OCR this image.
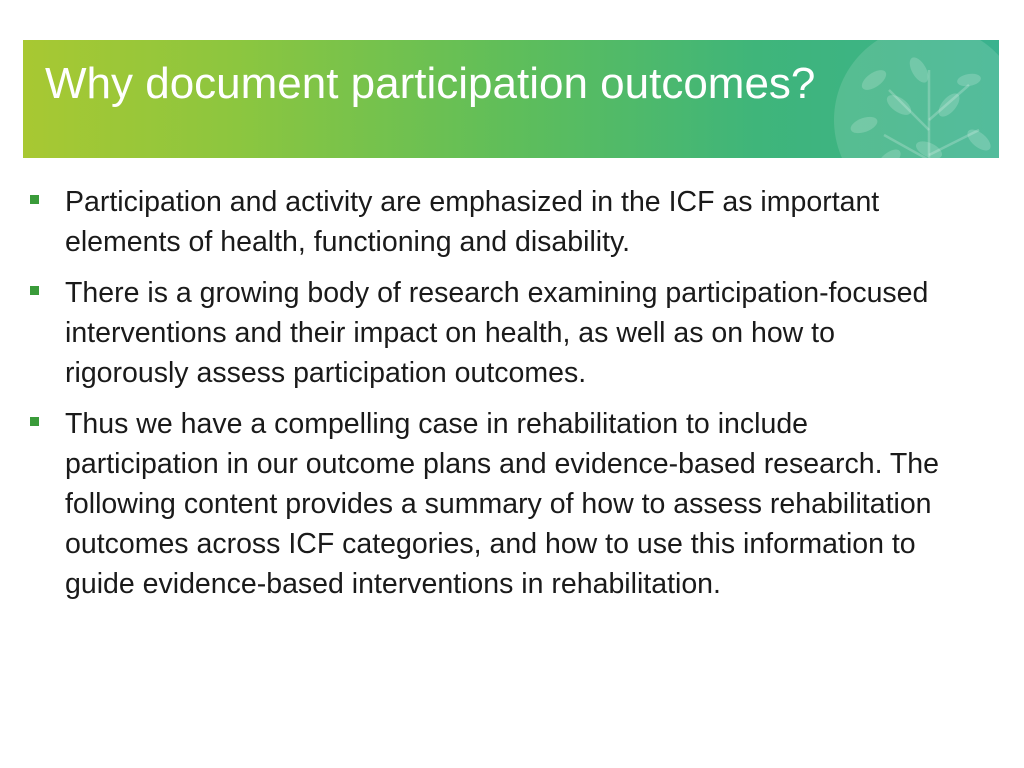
Why document participation outcomes?
Participation and activity are emphasized in the ICF as important elements of health, functioning and disability.
There is a growing body of research examining participation-focused interventions and their impact on health, as well as on how to rigorously assess participation outcomes.
Thus we have a compelling case in rehabilitation to include participation in our outcome plans and evidence-based research. The following content provides a summary of how to assess rehabilitation outcomes across ICF categories, and how to use this information to guide evidence-based interventions in rehabilitation.
